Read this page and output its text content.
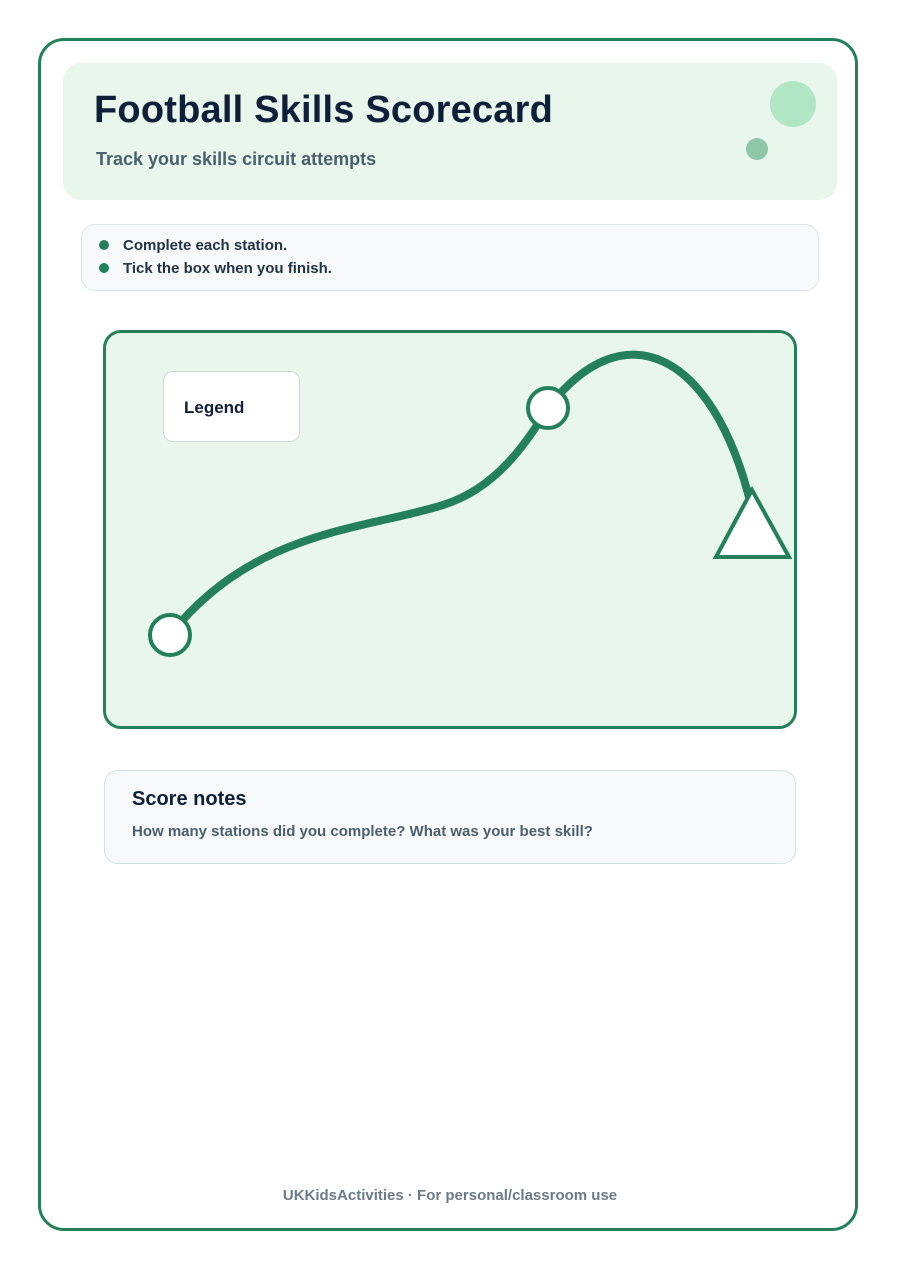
Football Skills Scorecard

Track your skills circuit attempts

Complete each station.
Tick the box when you finish.
Legend
Score notes

How many stations did you complete? What was your best skill?

UKKidsActivities · For personal/classroom use
